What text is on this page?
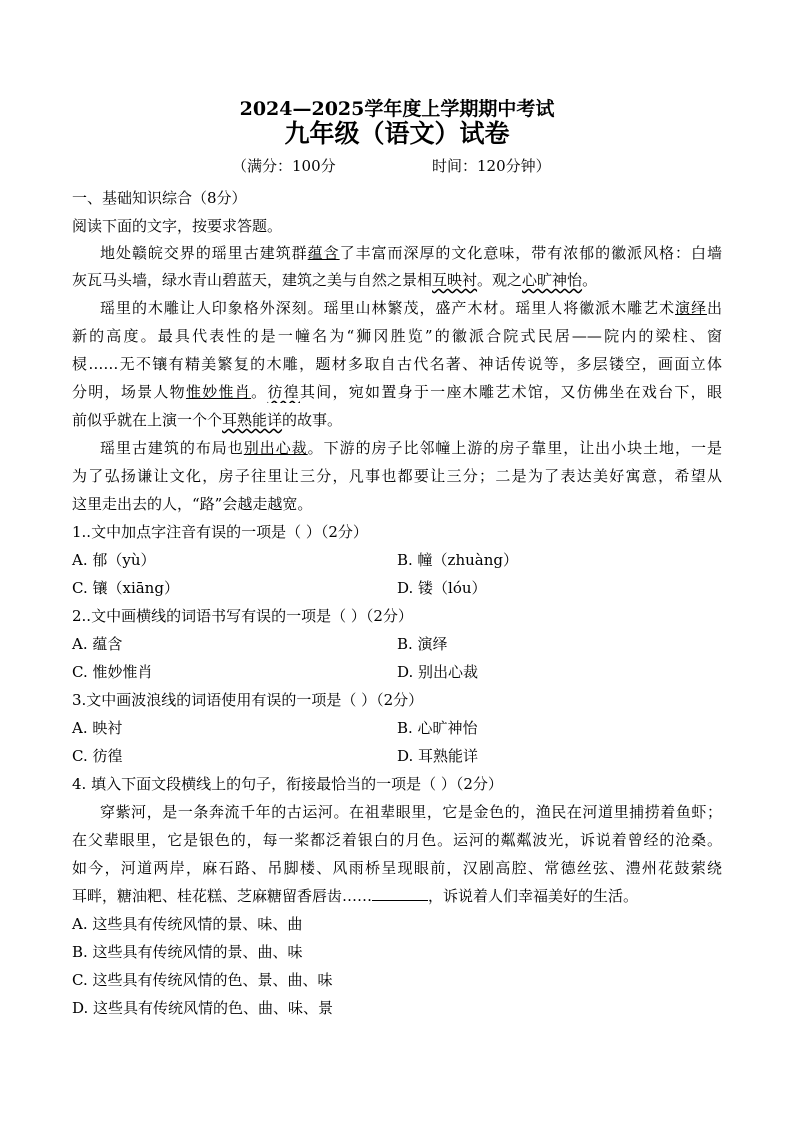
2024—2025学年度上学期期中考试
九年级（语文）试卷
（满分：100分	时间：120分钟）
一、基础知识综合（8分）
阅读下面的文字，按要求答题。
地处赣皖交界的瑶里古建筑群蕴含了丰富而深厚的文化意味，带有浓郁的徽派风格：白墙
灰瓦马头墙，绿水青山碧蓝天，建筑之美与自然之景相互映衬。观之心旷神怡。
瑶里的木雕让人印象格外深刻。瑶里山林繁茂，盛产木材。瑶里人将徽派木雕艺术演绎出
新的高度。最具代表性的是一幢名为“狮冈胜览”的徽派合院式民居——院内的梁柱、窗
棂……无不镶有精美繁复的木雕，题材多取自古代名著、神话传说等，多层镂空，画面立体
分明，场景人物惟妙惟肖。彷徨其间，宛如置身于一座木雕艺术馆，又仿佛坐在戏台下，眼
前似乎就在上演一个个耳熟能详的故事。
瑶里古建筑的布局也别出心裁。下游的房子比邻幢上游的房子靠里，让出小块土地，一是
为了弘扬谦让文化，房子往里让三分，凡事也都要让三分；二是为了表达美好寓意，希望从
这里走出去的人，“路”会越走越宽。
1..文中加点字注音有误的一项是（ ）（2分）
A. 郁（yù）	B. 幢（zhuàng）
C. 镶（xiāng）	D. 镂（lóu）
2..文中画横线的词语书写有误的一项是（ ）（2分）
A. 蕴含	B. 演绎
C. 惟妙惟肖	D. 别出心裁
3.文中画波浪线的词语使用有误的一项是（ ）（2分）
A. 映衬	B. 心旷神怡
C. 彷徨	D. 耳熟能详
4. 填入下面文段横线上的句子，衔接最恰当的一项是（ ）（2分）
穿紫河，是一条奔流千年的古运河。在祖辈眼里，它是金色的，渔民在河道里捕捞着鱼虾；
在父辈眼里，它是银色的，每一桨都泛着银白的月色。运河的粼粼波光，诉说着曾经的沧桑。
如今，河道两岸，麻石路、吊脚楼、风雨桥呈现眼前，汉剧高腔、常德丝弦、澧州花鼓萦绕
耳畔，糖油粑、桂花糕、芝麻糖留香唇齿……	，诉说着人们幸福美好的生活。
A. 这些具有传统风情的景、味、曲
B. 这些具有传统风情的景、曲、味
C. 这些具有传统风情的色、景、曲、味
D. 这些具有传统风情的色、曲、味、景
